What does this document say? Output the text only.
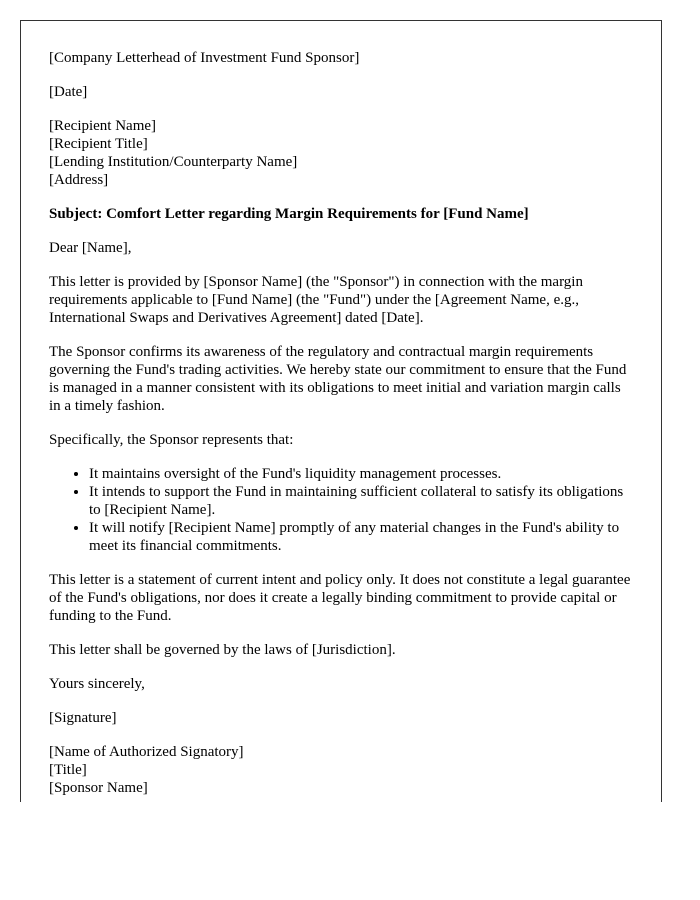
[Company Letterhead of Investment Fund Sponsor]

[Date]

[Recipient Name]
[Recipient Title]
[Lending Institution/Counterparty Name]
[Address]

Subject: Comfort Letter regarding Margin Requirements for [Fund Name]

Dear [Name],

This letter is provided by [Sponsor Name] (the "Sponsor") in connection with the margin requirements applicable to [Fund Name] (the "Fund") under the [Agreement Name, e.g., International Swaps and Derivatives Agreement] dated [Date].

The Sponsor confirms its awareness of the regulatory and contractual margin requirements governing the Fund's trading activities. We hereby state our commitment to ensure that the Fund is managed in a manner consistent with its obligations to meet initial and variation margin calls in a timely fashion.

Specifically, the Sponsor represents that:

• It maintains oversight of the Fund's liquidity management processes.
• It intends to support the Fund in maintaining sufficient collateral to satisfy its obligations to [Recipient Name].
• It will notify [Recipient Name] promptly of any material changes in the Fund's ability to meet its financial commitments.

This letter is a statement of current intent and policy only. It does not constitute a legal guarantee of the Fund's obligations, nor does it create a legally binding commitment to provide capital or funding to the Fund.

This letter shall be governed by the laws of [Jurisdiction].

Yours sincerely,

[Signature]

[Name of Authorized Signatory]
[Title]
[Sponsor Name]
